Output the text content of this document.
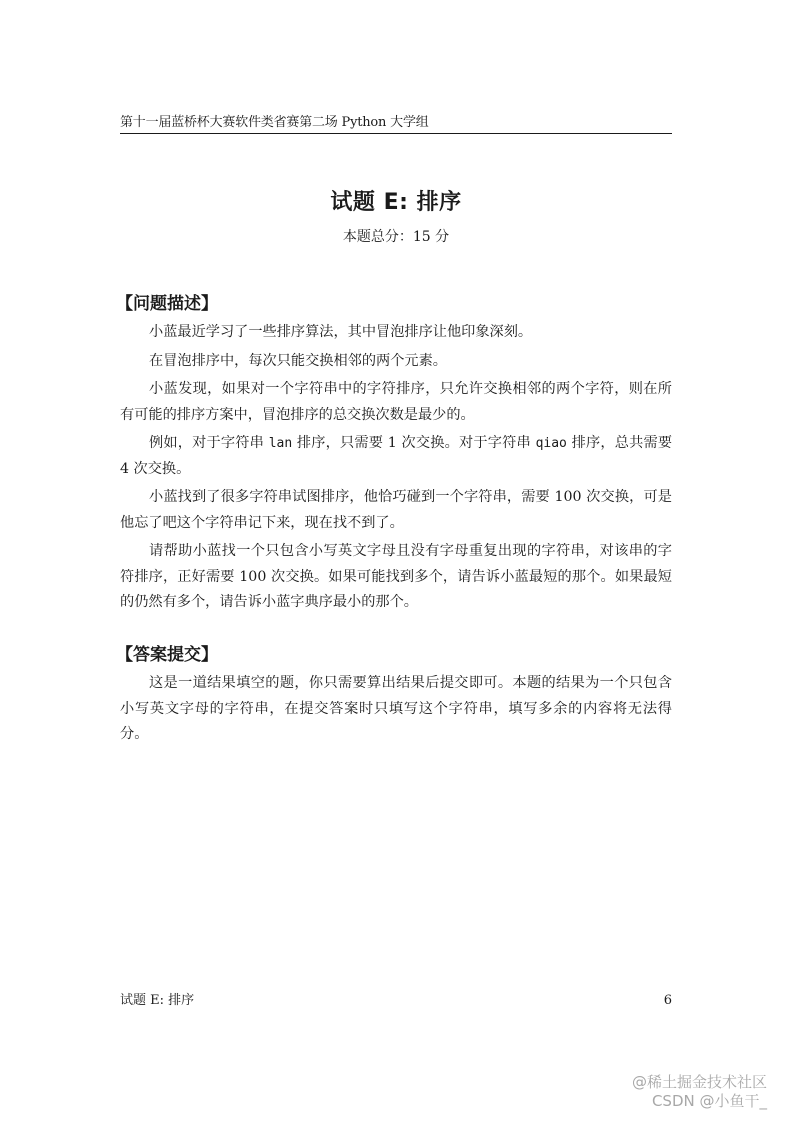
第十一届蓝桥杯大赛软件类省赛第二场 Python 大学组
试题 E: 排序
本题总分：15 分
【问题描述】

小蓝最近学习了一些排序算法，其中冒泡排序让他印象深刻。

在冒泡排序中，每次只能交换相邻的两个元素。

小蓝发现，如果对一个字符串中的字符排序，只允许交换相邻的两个字符，则在所有可能的排序方案中，冒泡排序的总交换次数是最少的。

例如，对于字符串 lan 排序，只需要 1 次交换。对于字符串 qiao 排序，总共需要 4 次交换。

小蓝找到了很多字符串试图排序，他恰巧碰到一个字符串，需要 100 次交换，可是他忘了吧这个字符串记下来，现在找不到了。

请帮助小蓝找一个只包含小写英文字母且没有字母重复出现的字符串，对该串的字符排序，正好需要 100 次交换。如果可能找到多个，请告诉小蓝最短的那个。如果最短的仍然有多个，请告诉小蓝字典序最小的那个。

【答案提交】

这是一道结果填空的题，你只需要算出结果后提交即可。本题的结果为一个只包含小写英文字母的字符串，在提交答案时只填写这个字符串，填写多余的内容将无法得分。

试题 E: 排序	6
@稀土掘金技术社区
CSDN @小鱼干_
